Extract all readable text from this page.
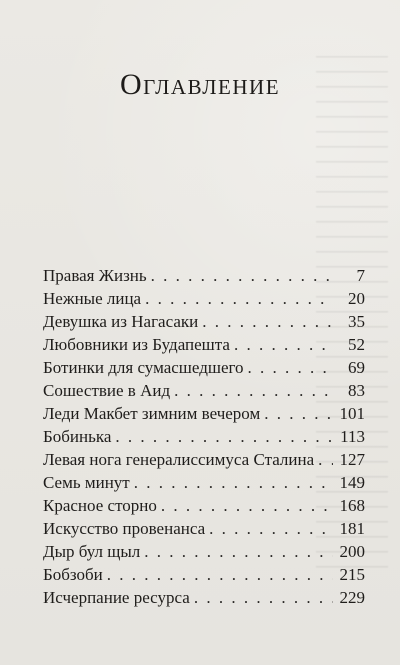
Оглавление
Правая Жизнь . . .	7
Нежные лица . . .	20
Девушка из Нагасаки . . .	35
Любовники из Будапешта . . .	52
Ботинки для сумасшедшего . . .	69
Сошествие в Аид . . .	83
Леди Макбет зимним вечером . . .	101
Бобинька . . .	113
Левая нога генералиссимуса Сталина . . .	127
Семь минут . . .	149
Красное сторно . . .	168
Искусство провенанса . . .	181
Дыр бул щыл . . .	200
Бобзоби . . .	215
Исчерпание ресурса . . .	229
